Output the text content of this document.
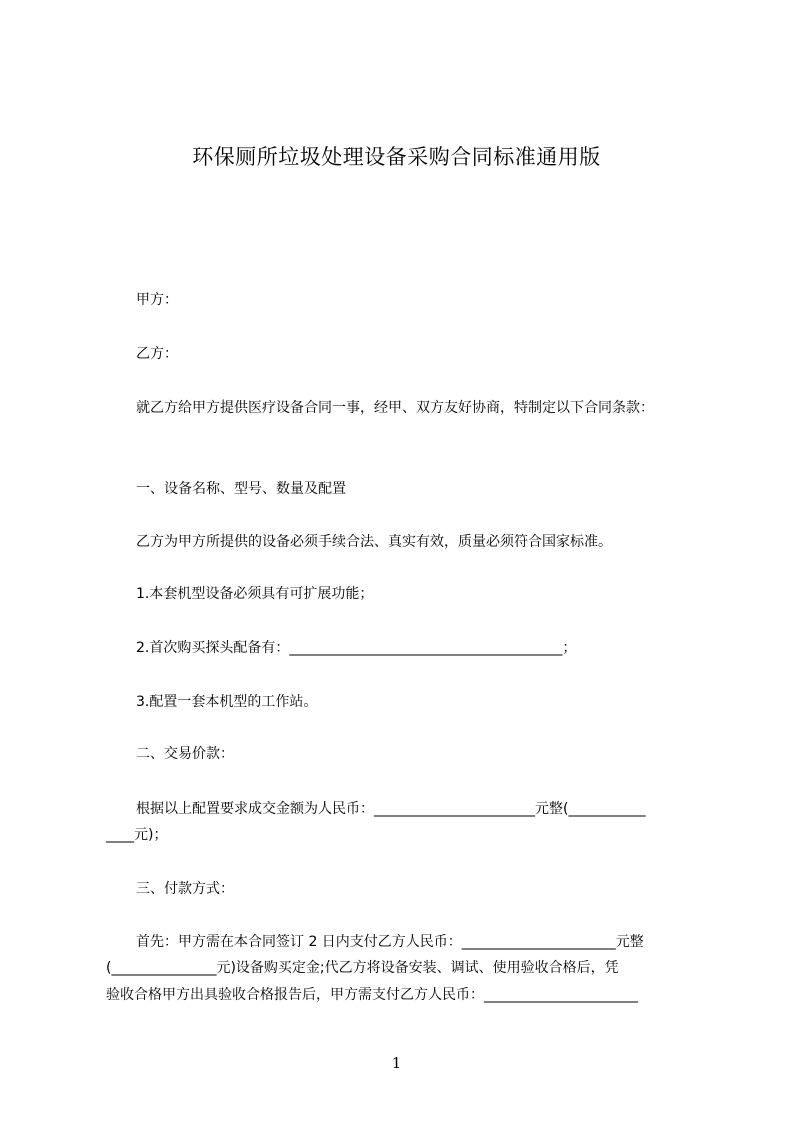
环保厕所垃圾处理设备采购合同标准通用版
甲方：
乙方：
就乙方给甲方提供医疗设备合同一事，经甲、双方友好协商，特制定以下合同条款：
一、设备名称、型号、数量及配置
乙方为甲方所提供的设备必须手续合法、真实有效，质量必须符合国家标准。
1.本套机型设备必须具有可扩展功能；
2.首次购买探头配备有：_______________________________________；
3.配置一套本机型的工作站。
二、交易价款：
根据以上配置要求成交金额为人民币：_______________________元整(___________
____元)；
三、付款方式：
首先：甲方需在本合同签订 2 日内支付乙方人民币：______________________元整
(_______________元)设备购买定金;代乙方将设备安装、调试、使用验收合格后，凭
验收合格甲方出具验收合格报告后，甲方需支付乙方人民币：______________________
1
